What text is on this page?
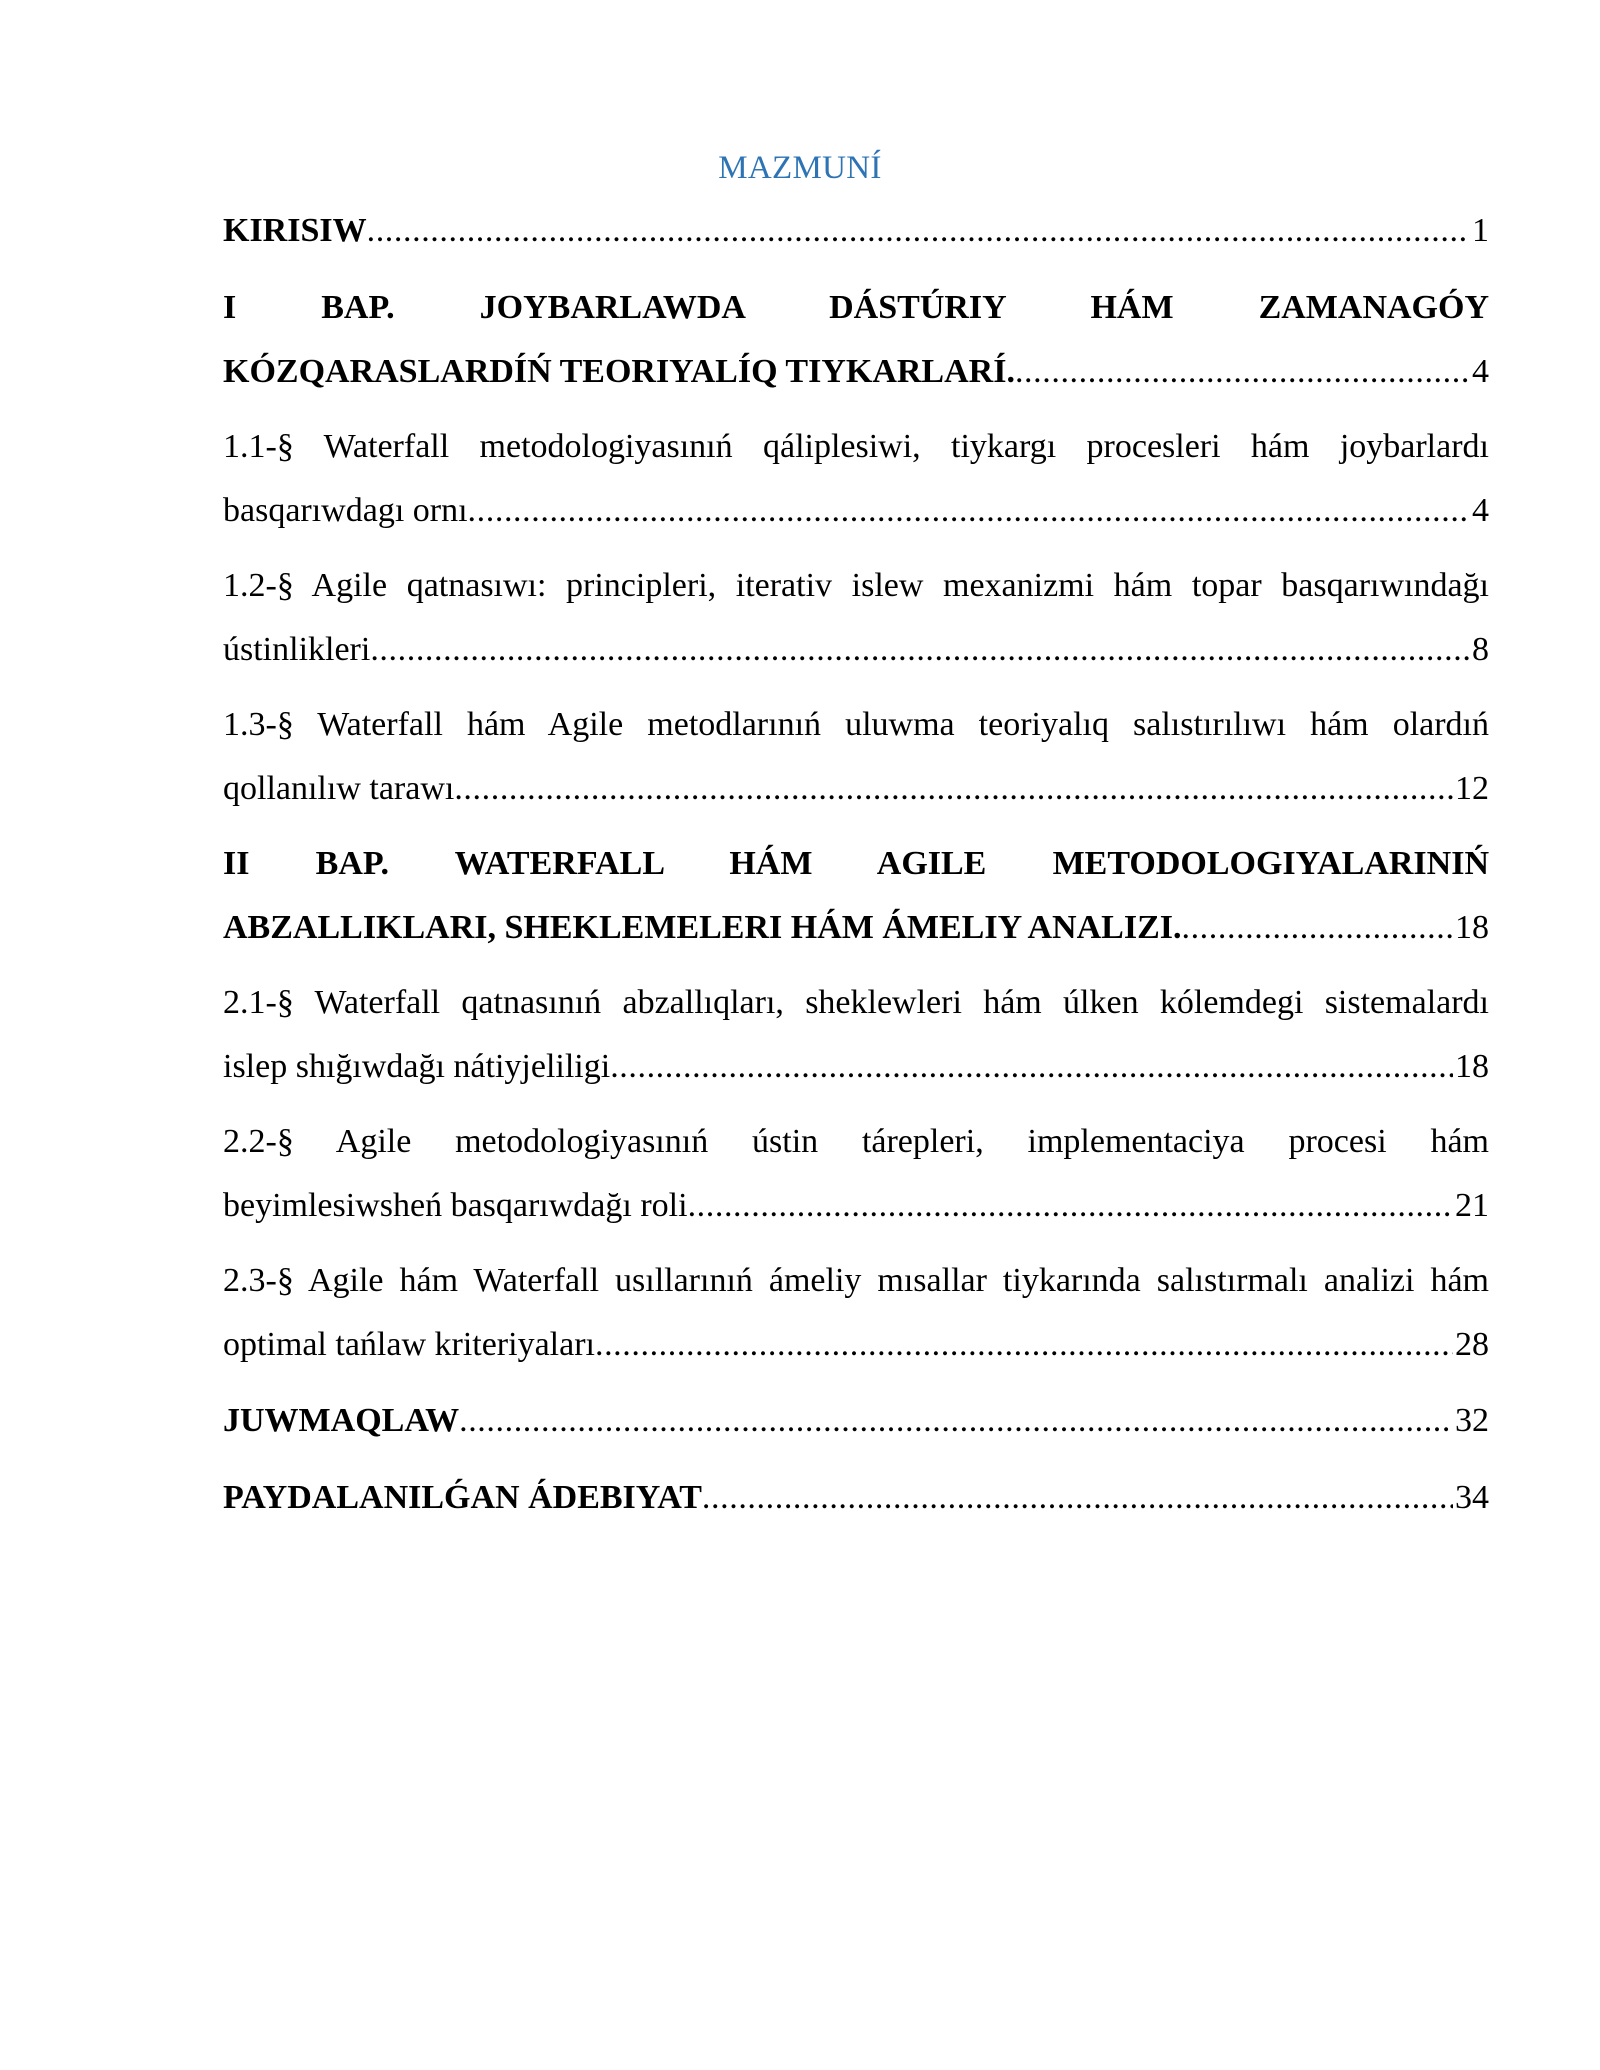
MAZMUNÍ
KIRISIW .....	1
I BAP. JOYBARLAWDA DÁSTÚRIY HÁM ZAMANAGÓY
KÓZQARASLARDÍŃ TEORIYALÍQ TIYKARLARÍ. .....	4
1.1-§ Waterfall metodologiyasınıń qáliplesiwi, tiykargı procesleri hám joybarlardı
basqarıwdagı ornı .....	4
1.2-§ Agile qatnasıwı: principleri, iterativ islew mexanizmi hám topar basqarıwındağı
ústinlikleri .....	8
1.3-§ Waterfall hám Agile metodlarınıń uluwma teoriyalıq salıstırılıwı hám olardıń
qollanılıw tarawı .....	12
II BAP. WATERFALL HÁM AGILE METODOLOGIYALARINIŃ
ABZALLIKLARI, SHEKLEMELERI HÁM ÁMELIY ANALIZI. .....	18
2.1-§ Waterfall qatnasınıń abzallıqları, sheklewleri hám úlken kólemdegi sistemalardı
islep shığıwdağı nátiyjeliligi .....	18
2.2-§ Agile metodologiyasınıń ústin tárepleri, implementaciya procesi hám
beyimlesiwsheń basqarıwdağı roli .....	21
2.3-§ Agile hám Waterfall usıllarınıń ámeliy mısallar tiykarında salıstırmalı analizi hám
optimal tańlaw kriteriyaları .....	28
JUWMAQLAW .....	32
PAYDALANILǴAN ÁDEBIYAT .....	34
